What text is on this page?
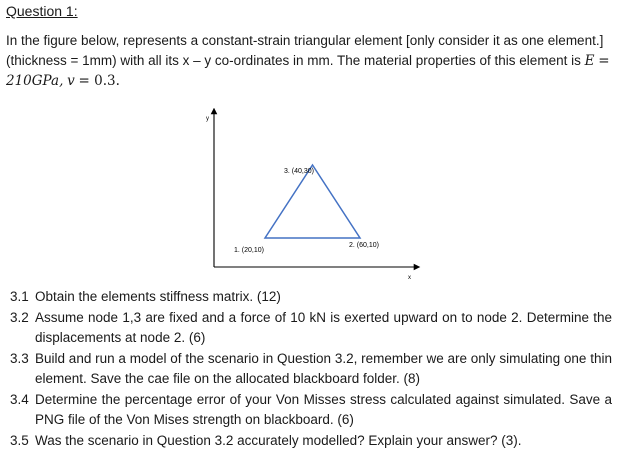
Question 1:
In the figure below, represents a constant-strain triangular element [only consider it as one element.]
(thickness = 1mm) with all its x – y co-ordinates in mm. The material properties of this element is E =
210GPa, v = 0.3.
y
x
1. (20,10)
2. (60,10)
3. (40,30)
3.1 Obtain the elements stiffness matrix. (12)
3.2 Assume node 1,3 are fixed and a force of 10 kN is exerted upward on to node 2. Determine the displacements at node 2. (6)
3.3 Build and run a model of the scenario in Question 3.2, remember we are only simulating one thin element. Save the cae file on the allocated blackboard folder. (8)
3.4 Determine the percentage error of your Von Misses stress calculated against simulated. Save a PNG file of the Von Mises strength on blackboard. (6)
3.5 Was the scenario in Question 3.2 accurately modelled? Explain your answer? (3).
